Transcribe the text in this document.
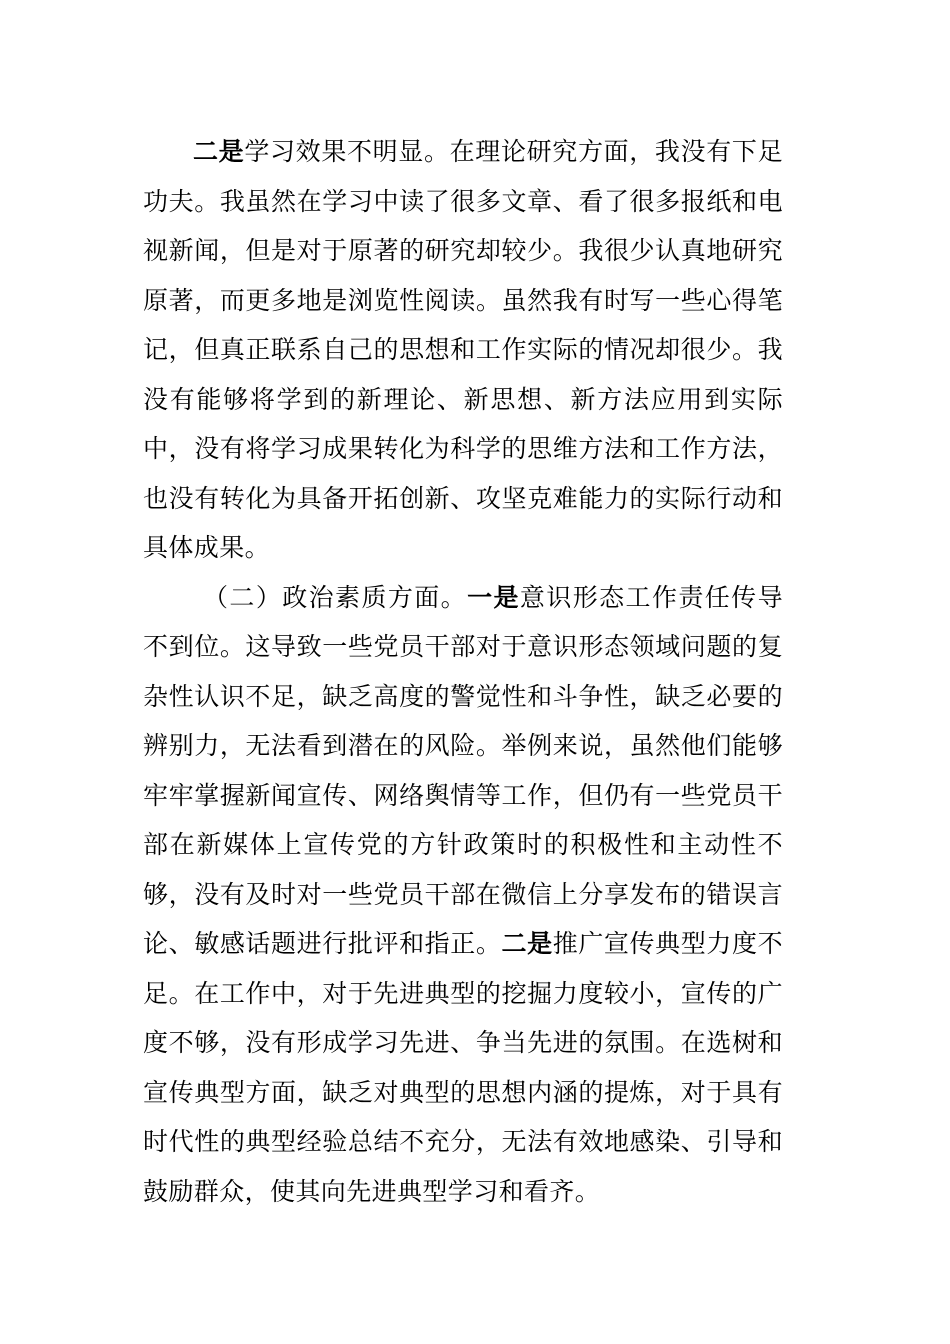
二是学习效果不明显。在理论研究方面，我没有下足功夫。我虽然在学习中读了很多文章、看了很多报纸和电视新闻，但是对于原著的研究却较少。我很少认真地研究原著，而更多地是浏览性阅读。虽然我有时写一些心得笔记，但真正联系自己的思想和工作实际的情况却很少。我没有能够将学到的新理论、新思想、新方法应用到实际中，没有将学习成果转化为科学的思维方法和工作方法，也没有转化为具备开拓创新、攻坚克难能力的实际行动和具体成果。

（二）政治素质方面。一是意识形态工作责任传导不到位。这导致一些党员干部对于意识形态领域问题的复杂性认识不足，缺乏高度的警觉性和斗争性，缺乏必要的辨别力，无法看到潜在的风险。举例来说，虽然他们能够牢牢掌握新闻宣传、网络舆情等工作，但仍有一些党员干部在新媒体上宣传党的方针政策时的积极性和主动性不够，没有及时对一些党员干部在微信上分享发布的错误言论、敏感话题进行批评和指正。二是推广宣传典型力度不足。在工作中，对于先进典型的挖掘力度较小，宣传的广度不够，没有形成学习先进、争当先进的氛围。在选树和宣传典型方面，缺乏对典型的思想内涵的提炼，对于具有时代性的典型经验总结不充分，无法有效地感染、引导和鼓励群众，使其向先进典型学习和看齐。
